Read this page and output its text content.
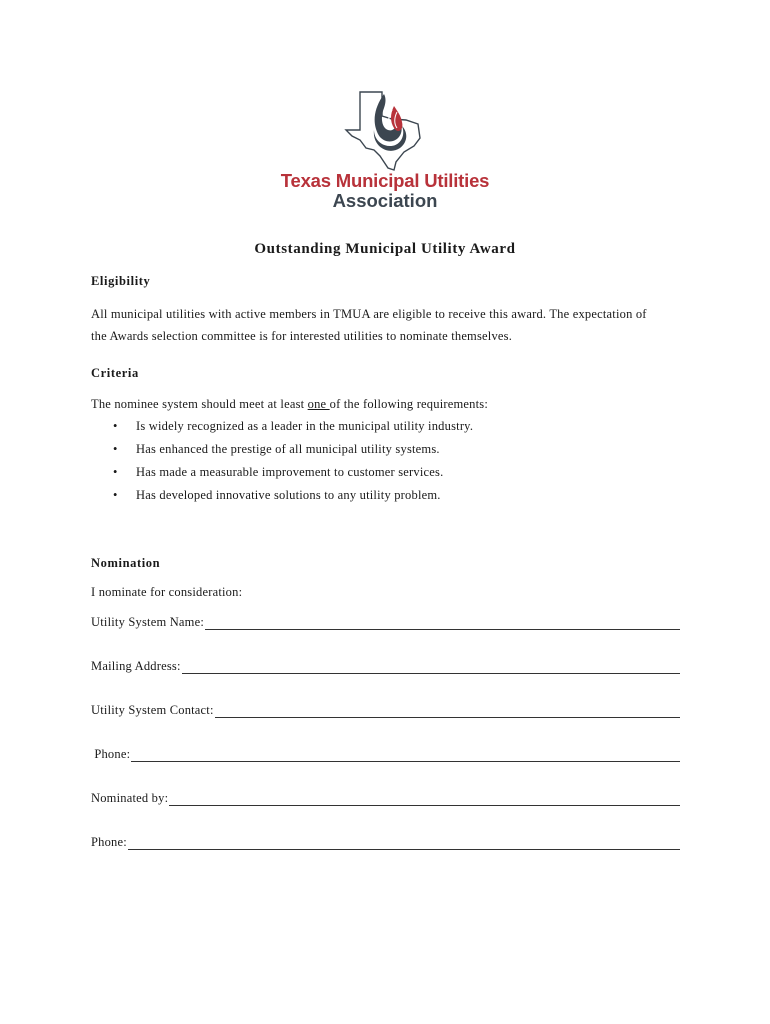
Texas Municipal Utilities
Association
Outstanding Municipal Utility Award
Eligibility
All municipal utilities with active members in TMUA are eligible to receive this award. The expectation of
the Awards selection committee is for interested utilities to nominate themselves.
Criteria
The nominee system should meet at least one of the following requirements:
• Is widely recognized as a leader in the municipal utility industry.
• Has enhanced the prestige of all municipal utility systems.
• Has made a measurable improvement to customer services.
• Has developed innovative solutions to any utility problem.
Nomination
I nominate for consideration:
Utility System Name:
Mailing Address:
Utility System Contact:
Phone:
Nominated by:
Phone:
